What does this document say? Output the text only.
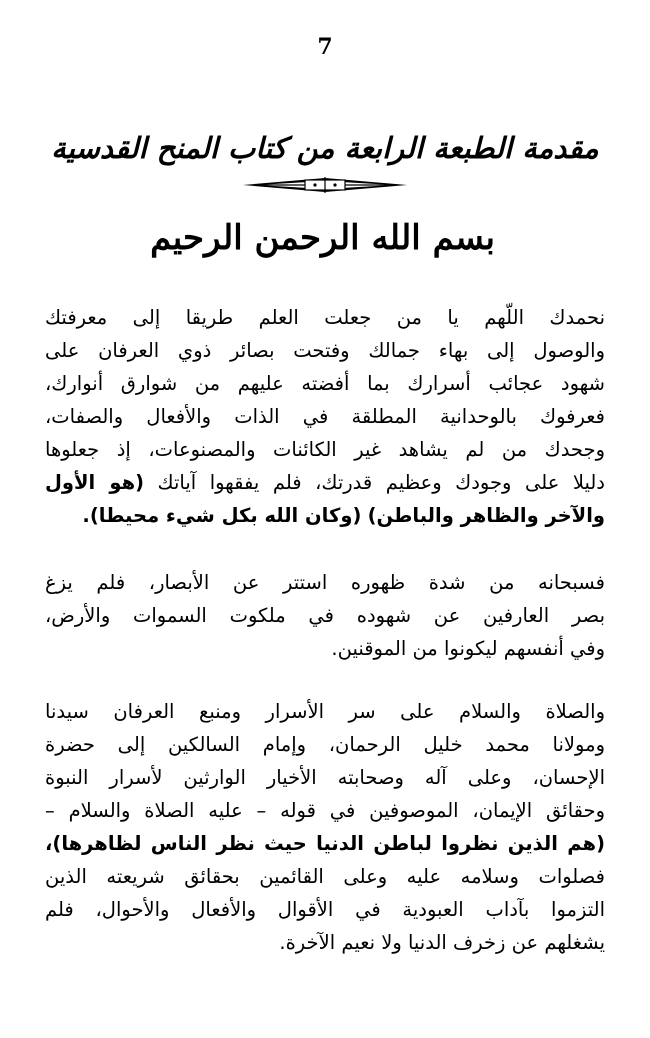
7
مقدمة الطبعة الرابعة من كتاب المنح القدسية
بسم الله الرحمن الرحيم

نحمدك اللّهم يا من جعلت العلم طريقا إلى معرفتك
والوصول إلى بهاء جمالك وفتحت بصائر ذوي العرفان على
شهود عجائب أسرارك بما أفضته عليهم من شوارق أنوارك،
فعرفوك بالوحدانية المطلقة في الذات والأفعال والصفات،
وجحدك من لم يشاهد غير الكائنات والمصنوعات، إذ جعلوها
دليلا على وجودك وعظيم قدرتك، فلم يفقهوا آياتك (هو الأول
والآخر والظاهر والباطن) (وكان الله بكل شيء محيطا).

فسبحانه من شدة ظهوره استتر عن الأبصار، فلم يزغ
بصر العارفين عن شهوده في ملكوت السموات والأرض،
وفي أنفسهم ليكونوا من الموقنين.

والصلاة والسلام على سر الأسرار ومنبع العرفان سيدنا
ومولانا محمد خليل الرحمان، وإمام السالكين إلى حضرة
الإحسان، وعلى آله وصحابته الأخيار الوارثين لأسرار النبوة
وحقائق الإيمان، الموصوفين في قوله – عليه الصلاة والسلام –
(هم الذين نظروا لباطن الدنيا حيث نظر الناس لظاهرها)،
فصلوات وسلامه عليه وعلى القائمين بحقائق شريعته الذين
التزموا بآداب العبودية في الأقوال والأفعال والأحوال، فلم
يشغلهم عن زخرف الدنيا ولا نعيم الآخرة.
